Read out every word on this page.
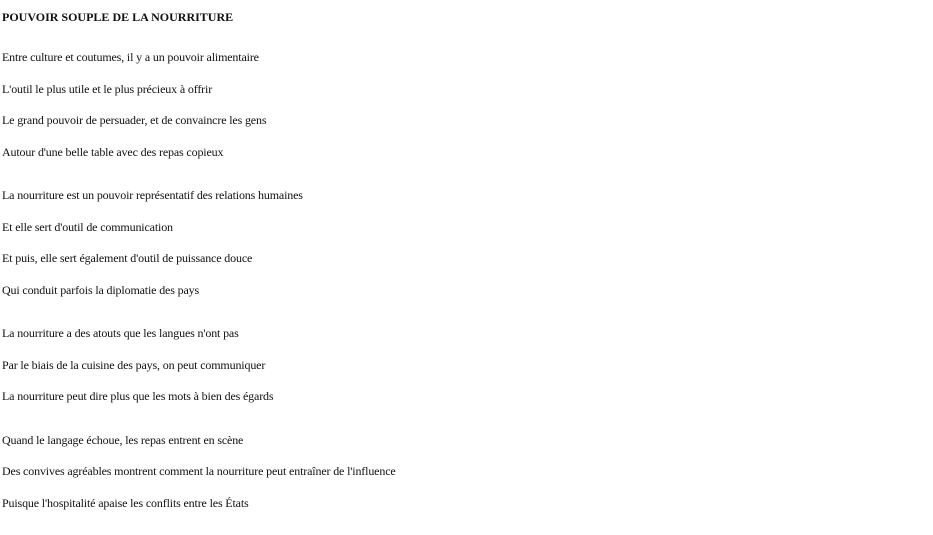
POUVOIR SOUPLE DE LA NOURRITURE
Entre culture et coutumes, il y a un pouvoir alimentaire
L'outil le plus utile et le plus précieux à offrir
Le grand pouvoir de persuader, et de convaincre les gens
Autour d'une belle table avec des repas copieux
La nourriture est un pouvoir représentatif des relations humaines
Et elle sert d'outil de communication
Et puis, elle sert également d'outil de puissance douce
Qui conduit parfois la diplomatie des pays
La nourriture a des atouts que les langues n'ont pas
Par le biais de la cuisine des pays, on peut communiquer
La nourriture peut dire plus que les mots à bien des égards
Quand le langage échoue, les repas entrent en scène
Des convives agréables montrent comment la nourriture peut entraîner de l'influence
Puisque l'hospitalité apaise les conflits entre les États
